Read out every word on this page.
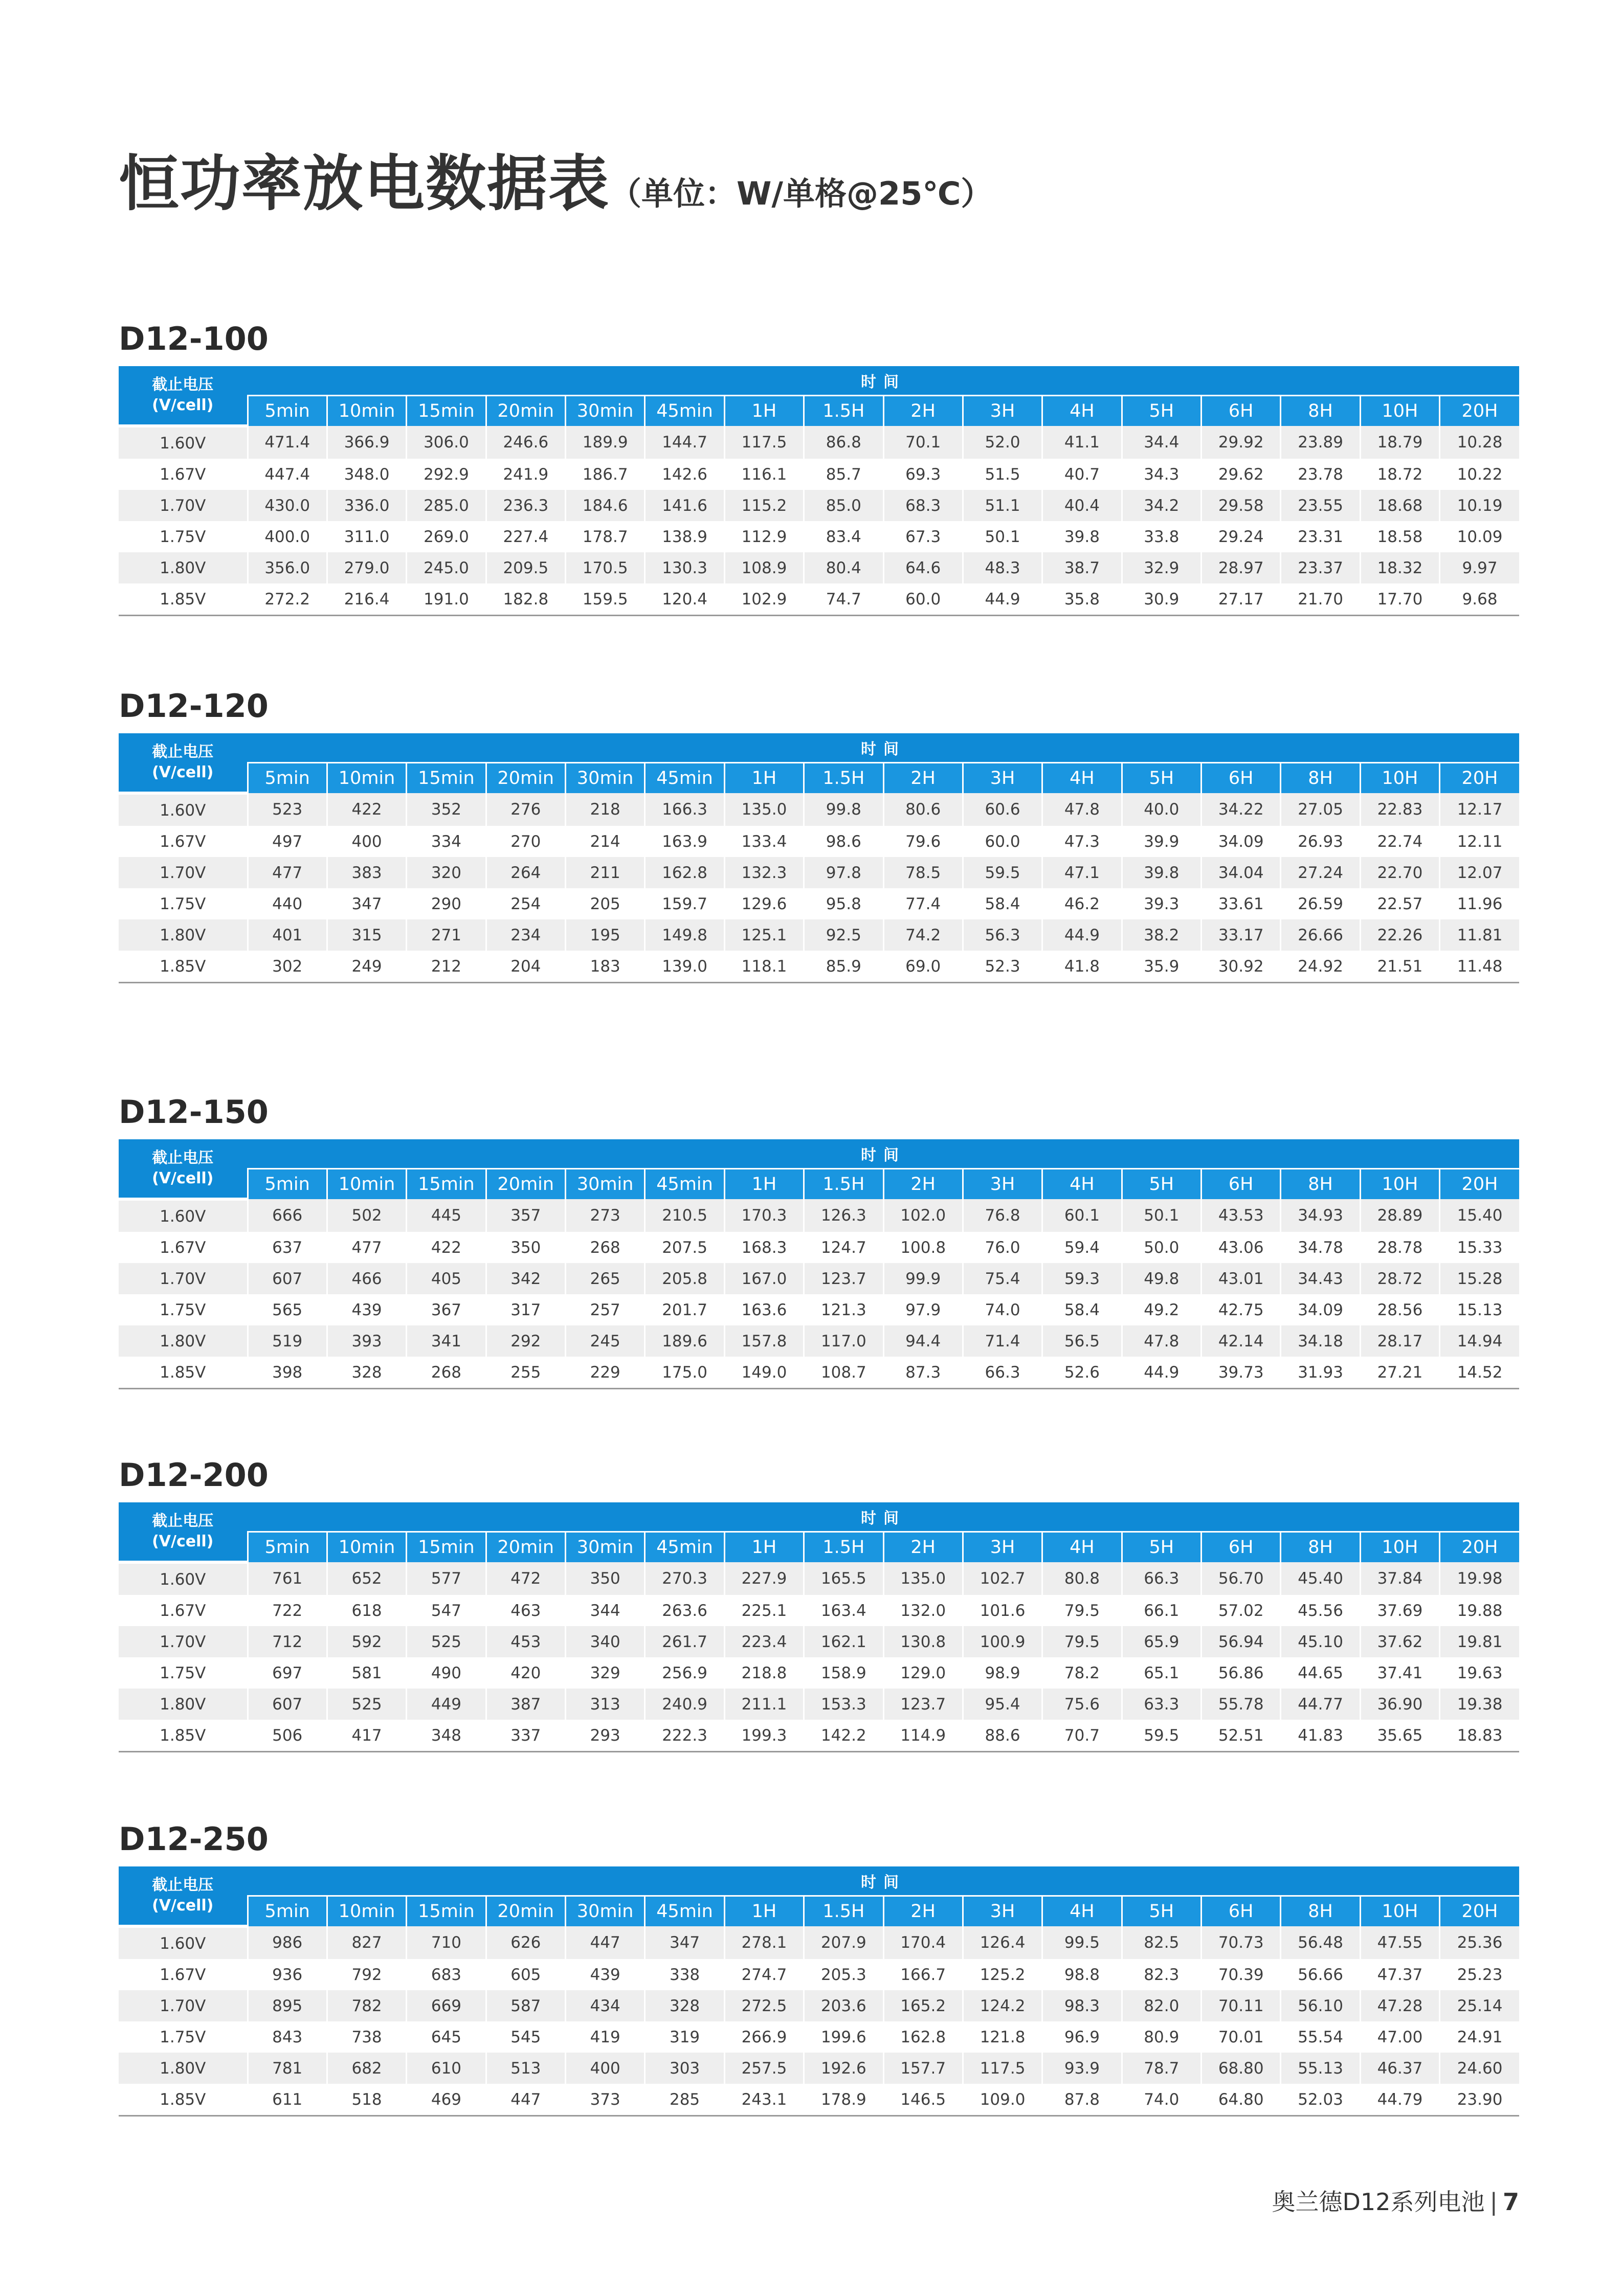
恒功率放电数据表（单位：W/单格@25℃）
D12-100
截止电压
(V/cell)	时间															
	5min	10min	15min	20min	30min	45min	1H	1.5H	2H	3H	4H	5H	6H	8H	10H	20H
1.60V	471.4	366.9	306.0	246.6	189.9	144.7	117.5	86.8	70.1	52.0	41.1	34.4	29.92	23.89	18.79	10.28
1.67V	447.4	348.0	292.9	241.9	186.7	142.6	116.1	85.7	69.3	51.5	40.7	34.3	29.62	23.78	18.72	10.22
1.70V	430.0	336.0	285.0	236.3	184.6	141.6	115.2	85.0	68.3	51.1	40.4	34.2	29.58	23.55	18.68	10.19
1.75V	400.0	311.0	269.0	227.4	178.7	138.9	112.9	83.4	67.3	50.1	39.8	33.8	29.24	23.31	18.58	10.09
1.80V	356.0	279.0	245.0	209.5	170.5	130.3	108.9	80.4	64.6	48.3	38.7	32.9	28.97	23.37	18.32	9.97
1.85V	272.2	216.4	191.0	182.8	159.5	120.4	102.9	74.7	60.0	44.9	35.8	30.9	27.17	21.70	17.70	9.68
D12-120
截止电压
(V/cell)	时间															
	5min	10min	15min	20min	30min	45min	1H	1.5H	2H	3H	4H	5H	6H	8H	10H	20H
1.60V	523	422	352	276	218	166.3	135.0	99.8	80.6	60.6	47.8	40.0	34.22	27.05	22.83	12.17
1.67V	497	400	334	270	214	163.9	133.4	98.6	79.6	60.0	47.3	39.9	34.09	26.93	22.74	12.11
1.70V	477	383	320	264	211	162.8	132.3	97.8	78.5	59.5	47.1	39.8	34.04	27.24	22.70	12.07
1.75V	440	347	290	254	205	159.7	129.6	95.8	77.4	58.4	46.2	39.3	33.61	26.59	22.57	11.96
1.80V	401	315	271	234	195	149.8	125.1	92.5	74.2	56.3	44.9	38.2	33.17	26.66	22.26	11.81
1.85V	302	249	212	204	183	139.0	118.1	85.9	69.0	52.3	41.8	35.9	30.92	24.92	21.51	11.48
D12-150
截止电压
(V/cell)	时间															
	5min	10min	15min	20min	30min	45min	1H	1.5H	2H	3H	4H	5H	6H	8H	10H	20H
1.60V	666	502	445	357	273	210.5	170.3	126.3	102.0	76.8	60.1	50.1	43.53	34.93	28.89	15.40
1.67V	637	477	422	350	268	207.5	168.3	124.7	100.8	76.0	59.4	50.0	43.06	34.78	28.78	15.33
1.70V	607	466	405	342	265	205.8	167.0	123.7	99.9	75.4	59.3	49.8	43.01	34.43	28.72	15.28
1.75V	565	439	367	317	257	201.7	163.6	121.3	97.9	74.0	58.4	49.2	42.75	34.09	28.56	15.13
1.80V	519	393	341	292	245	189.6	157.8	117.0	94.4	71.4	56.5	47.8	42.14	34.18	28.17	14.94
1.85V	398	328	268	255	229	175.0	149.0	108.7	87.3	66.3	52.6	44.9	39.73	31.93	27.21	14.52
D12-200
截止电压
(V/cell)	时间															
	5min	10min	15min	20min	30min	45min	1H	1.5H	2H	3H	4H	5H	6H	8H	10H	20H
1.60V	761	652	577	472	350	270.3	227.9	165.5	135.0	102.7	80.8	66.3	56.70	45.40	37.84	19.98
1.67V	722	618	547	463	344	263.6	225.1	163.4	132.0	101.6	79.5	66.1	57.02	45.56	37.69	19.88
1.70V	712	592	525	453	340	261.7	223.4	162.1	130.8	100.9	79.5	65.9	56.94	45.10	37.62	19.81
1.75V	697	581	490	420	329	256.9	218.8	158.9	129.0	98.9	78.2	65.1	56.86	44.65	37.41	19.63
1.80V	607	525	449	387	313	240.9	211.1	153.3	123.7	95.4	75.6	63.3	55.78	44.77	36.90	19.38
1.85V	506	417	348	337	293	222.3	199.3	142.2	114.9	88.6	70.7	59.5	52.51	41.83	35.65	18.83
D12-250
截止电压
(V/cell)	时间															
	5min	10min	15min	20min	30min	45min	1H	1.5H	2H	3H	4H	5H	6H	8H	10H	20H
1.60V	986	827	710	626	447	347	278.1	207.9	170.4	126.4	99.5	82.5	70.73	56.48	47.55	25.36
1.67V	936	792	683	605	439	338	274.7	205.3	166.7	125.2	98.8	82.3	70.39	56.66	47.37	25.23
1.70V	895	782	669	587	434	328	272.5	203.6	165.2	124.2	98.3	82.0	70.11	56.10	47.28	25.14
1.75V	843	738	645	545	419	319	266.9	199.6	162.8	121.8	96.9	80.9	70.01	55.54	47.00	24.91
1.80V	781	682	610	513	400	303	257.5	192.6	157.7	117.5	93.9	78.7	68.80	55.13	46.37	24.60
1.85V	611	518	469	447	373	285	243.1	178.9	146.5	109.0	87.8	74.0	64.80	52.03	44.79	23.90
奥兰德D12系列电池 | 7
